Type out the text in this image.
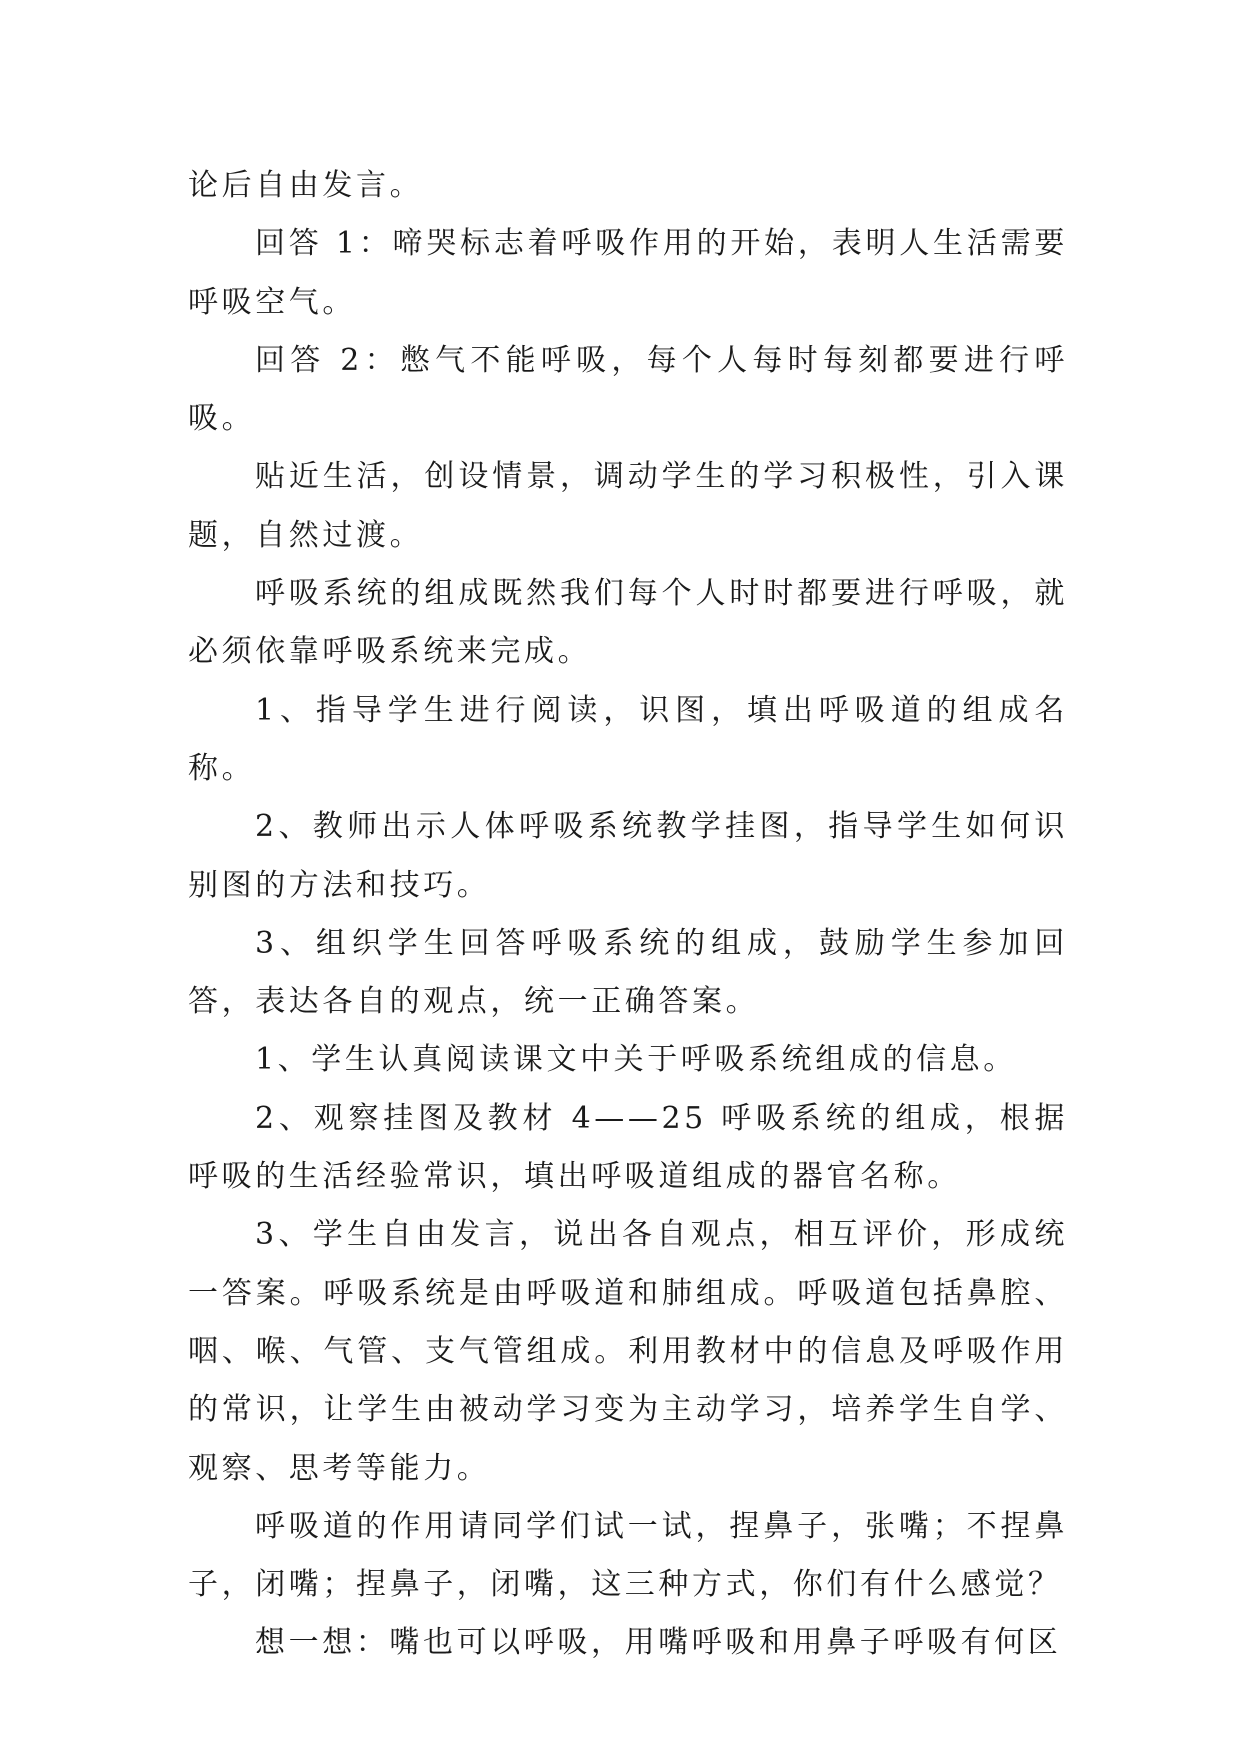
论后自由发言。

回答 1：啼哭标志着呼吸作用的开始，表明人生活需要呼吸空气。

回答 2：憋气不能呼吸，每个人每时每刻都要进行呼吸。

贴近生活，创设情景，调动学生的学习积极性，引入课题，自然过渡。

呼吸系统的组成既然我们每个人时时都要进行呼吸，就必须依靠呼吸系统来完成。

1、指导学生进行阅读，识图，填出呼吸道的组成名称。

2、教师出示人体呼吸系统教学挂图，指导学生如何识别图的方法和技巧。

3、组织学生回答呼吸系统的组成，鼓励学生参加回答，表达各自的观点，统一正确答案。

1、学生认真阅读课文中关于呼吸系统组成的信息。

2、观察挂图及教材 4——25 呼吸系统的组成，根据呼吸的生活经验常识，填出呼吸道组成的器官名称。

3、学生自由发言，说出各自观点，相互评价，形成统一答案。呼吸系统是由呼吸道和肺组成。呼吸道包括鼻腔、咽、喉、气管、支气管组成。利用教材中的信息及呼吸作用的常识，让学生由被动学习变为主动学习，培养学生自学、观察、思考等能力。

呼吸道的作用请同学们试一试，捏鼻子，张嘴；不捏鼻子，闭嘴；捏鼻子，闭嘴，这三种方式，你们有什么感觉？

想一想：嘴也可以呼吸，用嘴呼吸和用鼻子呼吸有何区
